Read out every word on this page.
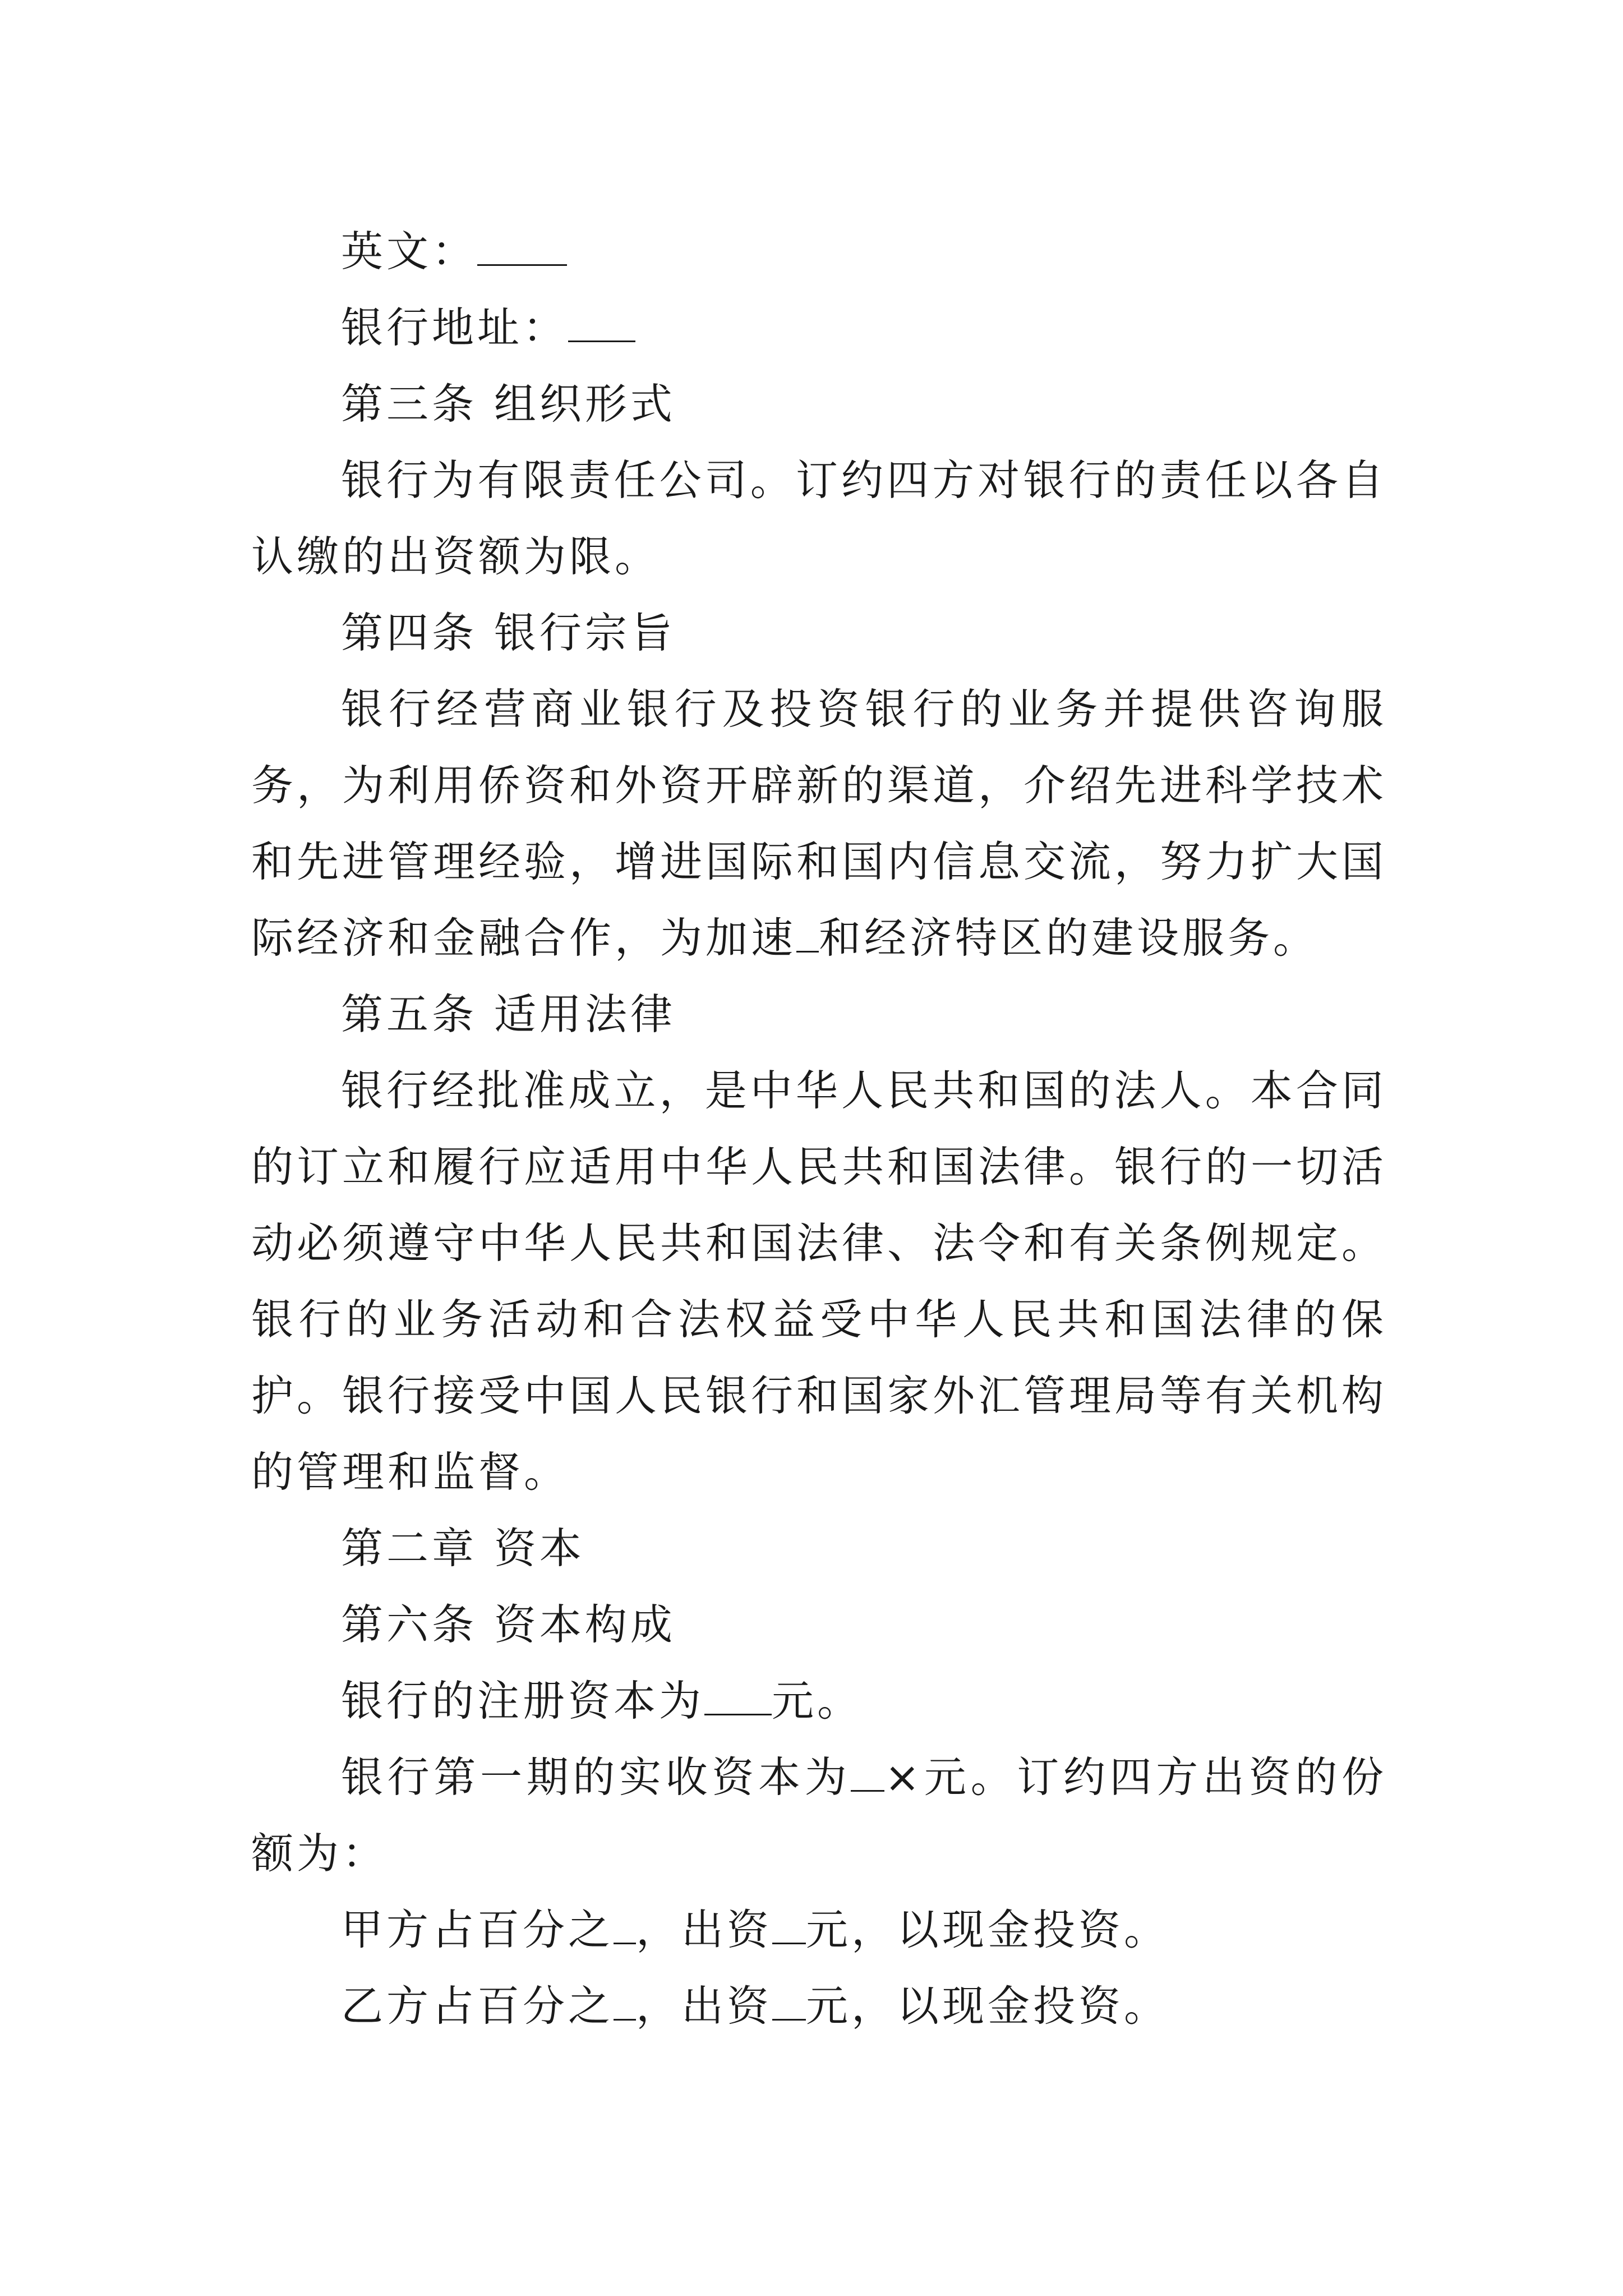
英文：
银行地址：
第三条 组织形式
银行为有限责任公司。订约四方对银行的责任以各自认缴的出资额为限。
第四条 银行宗旨
银行经营商业银行及投资银行的业务并提供咨询服务，为利用侨资和外资开辟新的渠道，介绍先进科学技术和先进管理经验，增进国际和国内信息交流，努力扩大国际经济和金融合作，为加速 和经济特区的建设服务。
第五条 适用法律
银行经批准成立，是中华人民共和国的法人。本合同的订立和履行应适用中华人民共和国法律。银行的一切活动必须遵守中华人民共和国法律、法令和有关条例规定。银行的业务活动和合法权益受中华人民共和国法律的保护。银行接受中国人民银行和国家外汇管理局等有关机构的管理和监督。
第二章 资本
第六条 资本构成
银行的注册资本为 元。
银行第一期的实收资本为 ×元。订约四方出资的份额为：
甲方占百分之 ，出资 元，以现金投资。
乙方占百分之 ，出资 元，以现金投资。
